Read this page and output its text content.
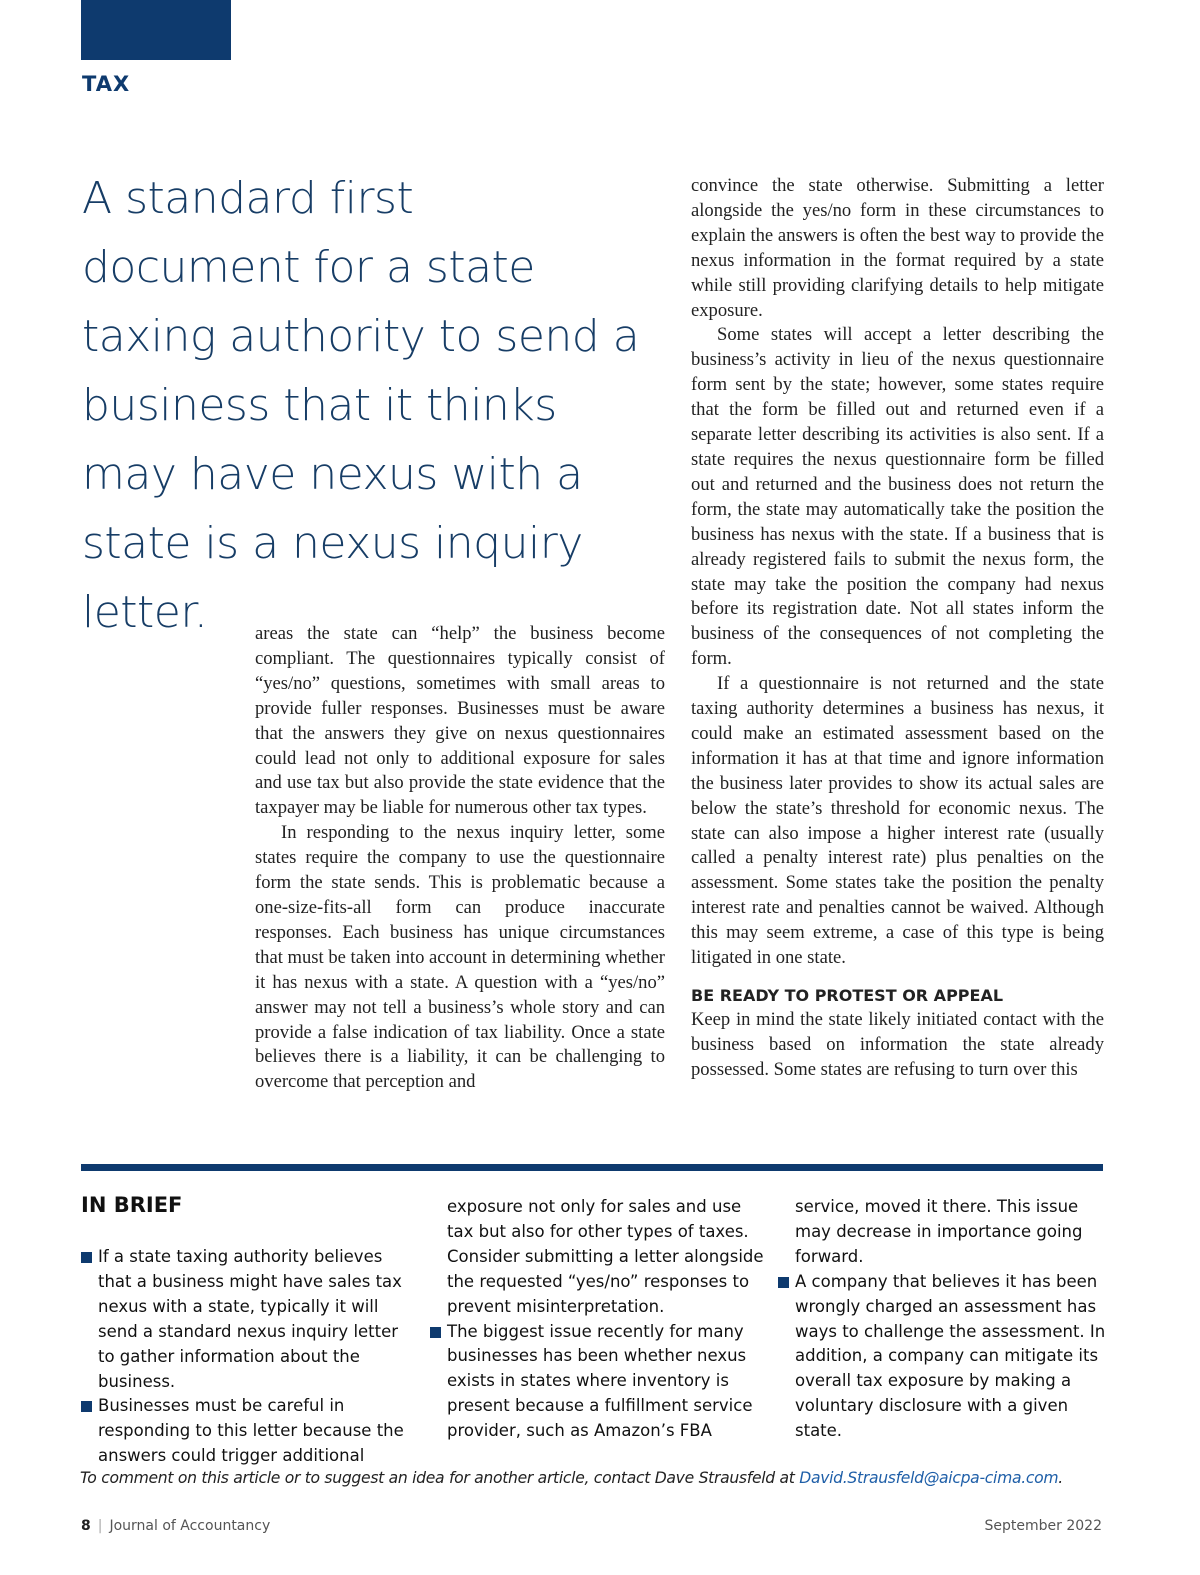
TAX
A standard first document for a state taxing authority to send a business that it thinks may have nexus with a state is a nexus inquiry letter.	areas the state can “help” the business become compliant. The questionnaires typically consist of “yes/no” questions, sometimes with small areas to provide fuller responses. Businesses must be aware that the answers they give on nexus questionnaires could lead not only to additional exposure for sales and use tax but also provide the state evidence that the taxpayer may be liable for numerous other tax types.

In responding to the nexus inquiry letter, some states require the company to use the questionnaire form the state sends. This is problematic because a one-size-fits-all form can produce inaccurate responses. Each business has unique circumstances that must be taken into account in determining whether it has nexus with a state. A question with a “yes/no” answer may not tell a business’s whole story and can provide a false indication of tax liability. Once a state believes there is a liability, it can be challenging to overcome that perception and

convince the state otherwise. Submitting a letter alongside the yes/no form in these circumstances to explain the answers is often the best way to provide the nexus information in the format required by a state while still providing clarifying details to help mitigate exposure.

Some states will accept a letter describing the business’s activity in lieu of the nexus questionnaire form sent by the state; however, some states require that the form be filled out and returned even if a separate letter describing its activities is also sent. If a state requires the nexus questionnaire form be filled out and returned and the business does not return the form, the state may automatically take the position the business has nexus with the state. If a business that is already registered fails to submit the nexus form, the state may take the position the company had nexus before its registration date. Not all states inform the business of the consequences of not completing the form.

If a questionnaire is not returned and the state taxing authority determines a business has nexus, it could make an estimated assessment based on the information it has at that time and ignore information the business later provides to show its actual sales are below the state’s threshold for economic nexus. The state can also impose a higher interest rate (usually called a penalty interest rate) plus penalties on the assessment. Some states take the position the penalty interest rate and penalties cannot be waived. Although this may seem extreme, a case of this type is being litigated in one state.

BE READY TO PROTEST OR APPEAL

Keep in mind the state likely initiated contact with the business based on information the state already possessed. Some states are refusing to turn over this

IN BRIEF
If a state taxing authority believes that a business might have sales tax nexus with a state, typically it will send a standard nexus inquiry letter to gather information about the business.
Businesses must be careful in responding to this letter because the answers could trigger additional
exposure not only for sales and use tax but also for other types of taxes. Consider submitting a letter alongside the requested “yes/no” responses to prevent misinterpretation.
The biggest issue recently for many businesses has been whether nexus exists in states where inventory is present because a fulfillment service provider, such as Amazon’s FBA
service, moved it there. This issue may decrease in importance going forward.
A company that believes it has been wrongly charged an assessment has ways to challenge the assessment. In addition, a company can mitigate its overall tax exposure by making a voluntary disclosure with a given state.
To comment on this article or to suggest an idea for another article, contact Dave Strausfeld at David.Strausfeld@aicpa-cima.com.
8 | Journal of Accountancy	September 2022
